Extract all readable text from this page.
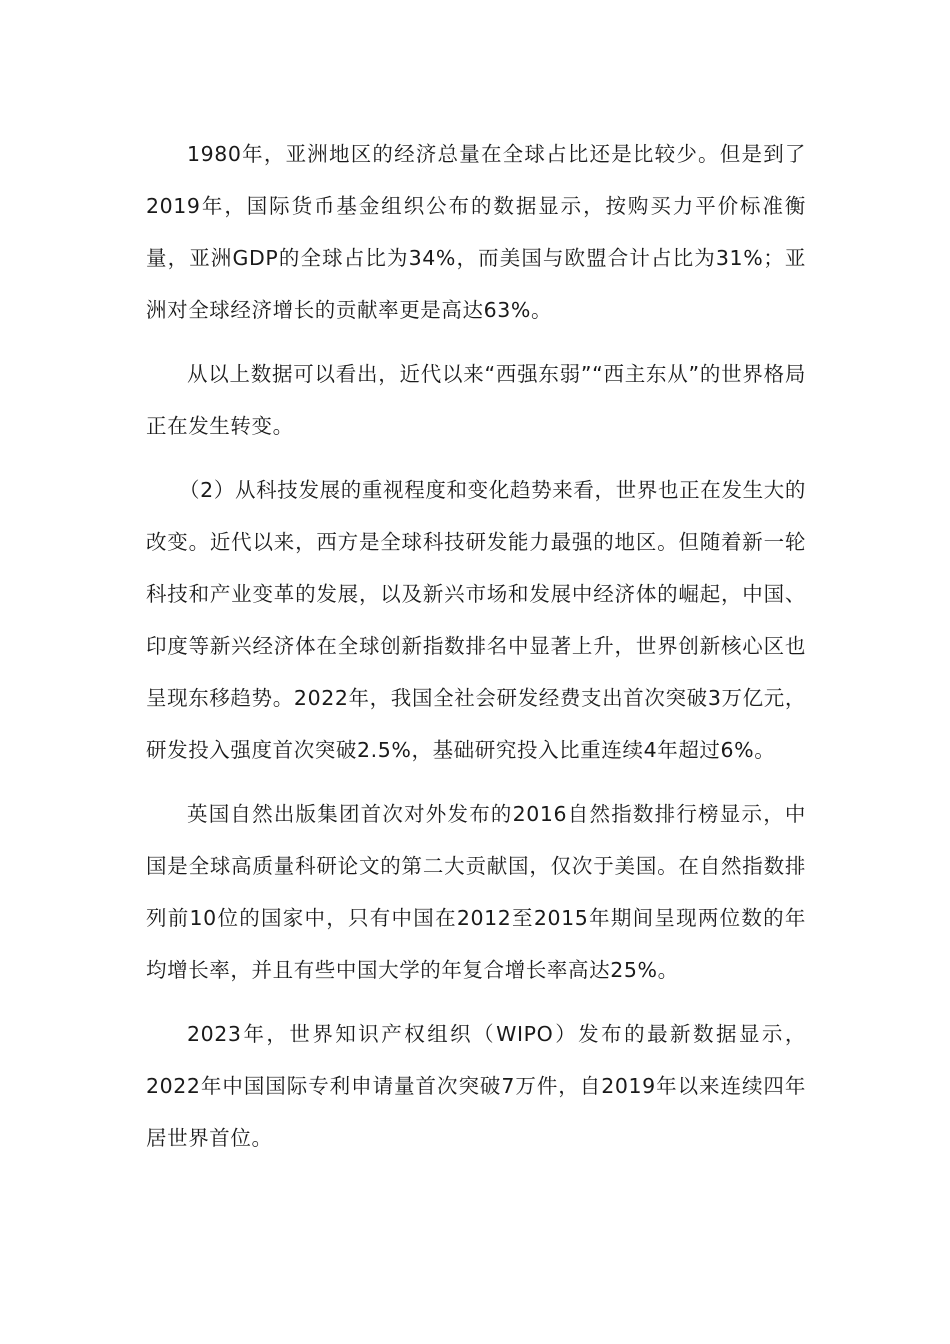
1980年，亚洲地区的经济总量在全球占比还是比较少。但是到了2019年，国际货币基金组织公布的数据显示，按购买力平价标准衡量，亚洲GDP的全球占比为34%，而美国与欧盟合计占比为31%；亚洲对全球经济增长的贡献率更是高达63%。

从以上数据可以看出，近代以来“西强东弱”“西主东从”的世界格局正在发生转变。

（2）从科技发展的重视程度和变化趋势来看，世界也正在发生大的改变。近代以来，西方是全球科技研发能力最强的地区。但随着新一轮科技和产业变革的发展，以及新兴市场和发展中经济体的崛起，中国、印度等新兴经济体在全球创新指数排名中显著上升，世界创新核心区也呈现东移趋势。2022年，我国全社会研发经费支出首次突破3万亿元，研发投入强度首次突破2.5%，基础研究投入比重连续4年超过6%。

英国自然出版集团首次对外发布的2016自然指数排行榜显示，中国是全球高质量科研论文的第二大贡献国，仅次于美国。在自然指数排列前10位的国家中，只有中国在2012至2015年期间呈现两位数的年均增长率，并且有些中国大学的年复合增长率高达25%。

2023年，世界知识产权组织（WIPO）发布的最新数据显示，2022年中国国际专利申请量首次突破7万件，自2019年以来连续四年居世界首位。
